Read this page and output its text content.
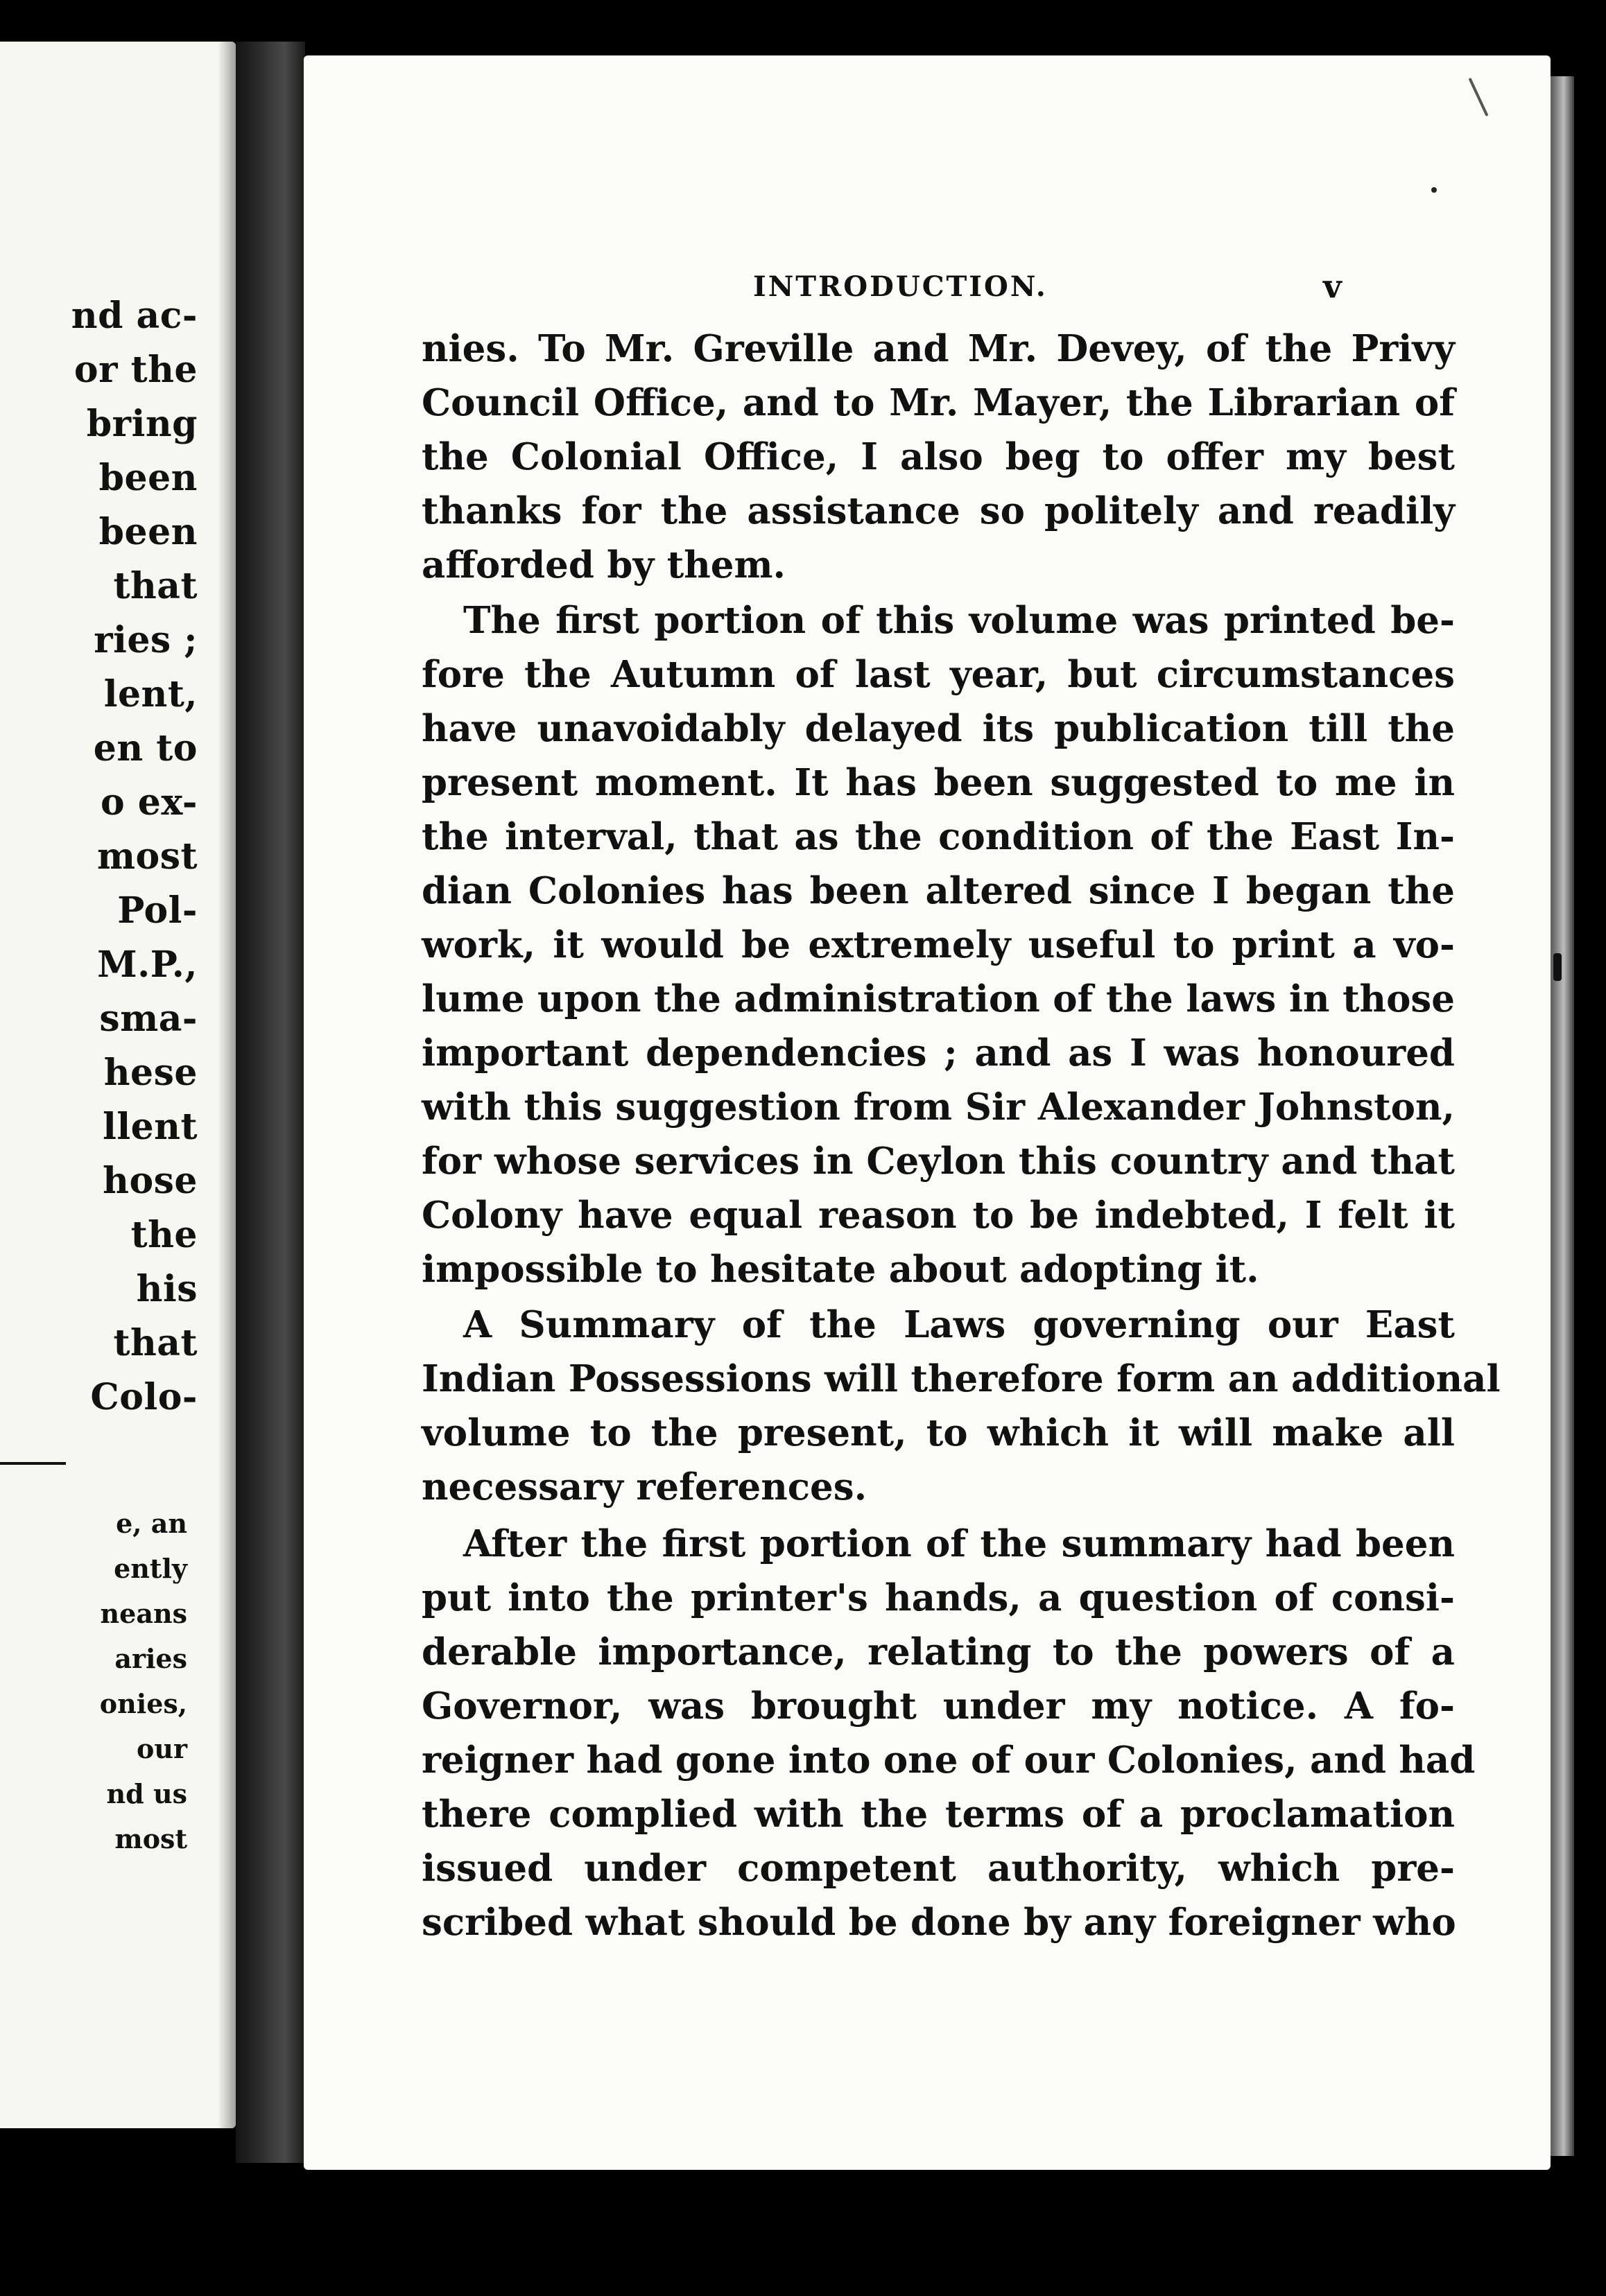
nd ac-
or the
bring
been
been
that
ries ;
lent,
en to
o ex-
most
Pol-
M.P.,
sma-
hese
llent
hose
the
his
that
Colo-
e, an
ently
neans
aries
onies,
our
nd us
most
INTRODUCTION.	v
nies. To Mr. Greville and Mr. Devey, of the Privy
Council Office, and to Mr. Mayer, the Librarian of
the Colonial Office, I also beg to offer my best
thanks for the assistance so politely and readily
afforded by them.
The first portion of this volume was printed be-
fore the Autumn of last year, but circumstances
have unavoidably delayed its publication till the
present moment. It has been suggested to me in
the interval, that as the condition of the East In-
dian Colonies has been altered since I began the
work, it would be extremely useful to print a vo-
lume upon the administration of the laws in those
important dependencies ; and as I was honoured
with this suggestion from Sir Alexander Johnston,
for whose services in Ceylon this country and that
Colony have equal reason to be indebted, I felt it
impossible to hesitate about adopting it.
A Summary of the Laws governing our East
Indian Possessions will therefore form an additional
volume to the present, to which it will make all
necessary references.
After the first portion of the summary had been
put into the printer's hands, a question of consi-
derable importance, relating to the powers of a
Governor, was brought under my notice. A fo-
reigner had gone into one of our Colonies, and had
there complied with the terms of a proclamation
issued under competent authority, which pre-
scribed what should be done by any foreigner who
